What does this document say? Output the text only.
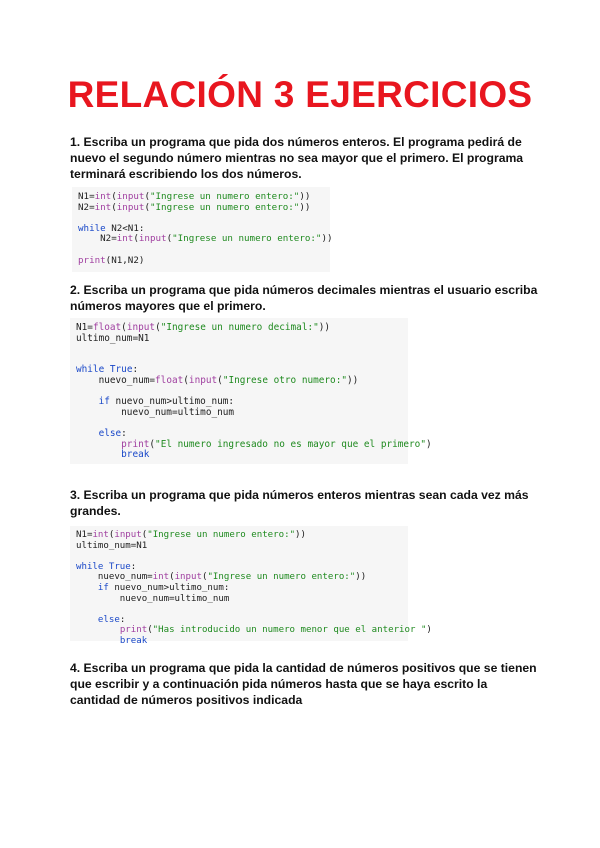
RELACIÓN 3 EJERCICIOS

1. Escriba un programa que pida dos números enteros. El programa pedirá de nuevo el segundo número mientras no sea mayor que el primero. El programa terminará escribiendo los dos números.

N1=int(input("Ingrese un numero entero:"))
N2=int(input("Ingrese un numero entero:"))

while N2<N1:
N2=int(input("Ingrese un numero entero:"))

print(N1,N2)

2. Escriba un programa que pida números decimales mientras el usuario escriba números mayores que el primero.

N1=float(input("Ingrese un numero decimal:"))
ultimo_num=N1

while True:
nuevo_num=float(input("Ingrese otro numero:"))

if nuevo_num>ultimo_num:
nuevo_num=ultimo_num

else:
print("El numero ingresado no es mayor que el primero")
break

3. Escriba un programa que pida números enteros mientras sean cada vez más grandes.

N1=int(input("Ingrese un numero entero:"))
ultimo_num=N1

while True:
nuevo_num=int(input("Ingrese un numero entero:"))
if nuevo_num>ultimo_num:
nuevo_num=ultimo_num

else:
print("Has introducido un numero menor que el anterior ")
break

4. Escriba un programa que pida la cantidad de números positivos que se tienen que escribir y a continuación pida números hasta que se haya escrito la cantidad de números positivos indicada
